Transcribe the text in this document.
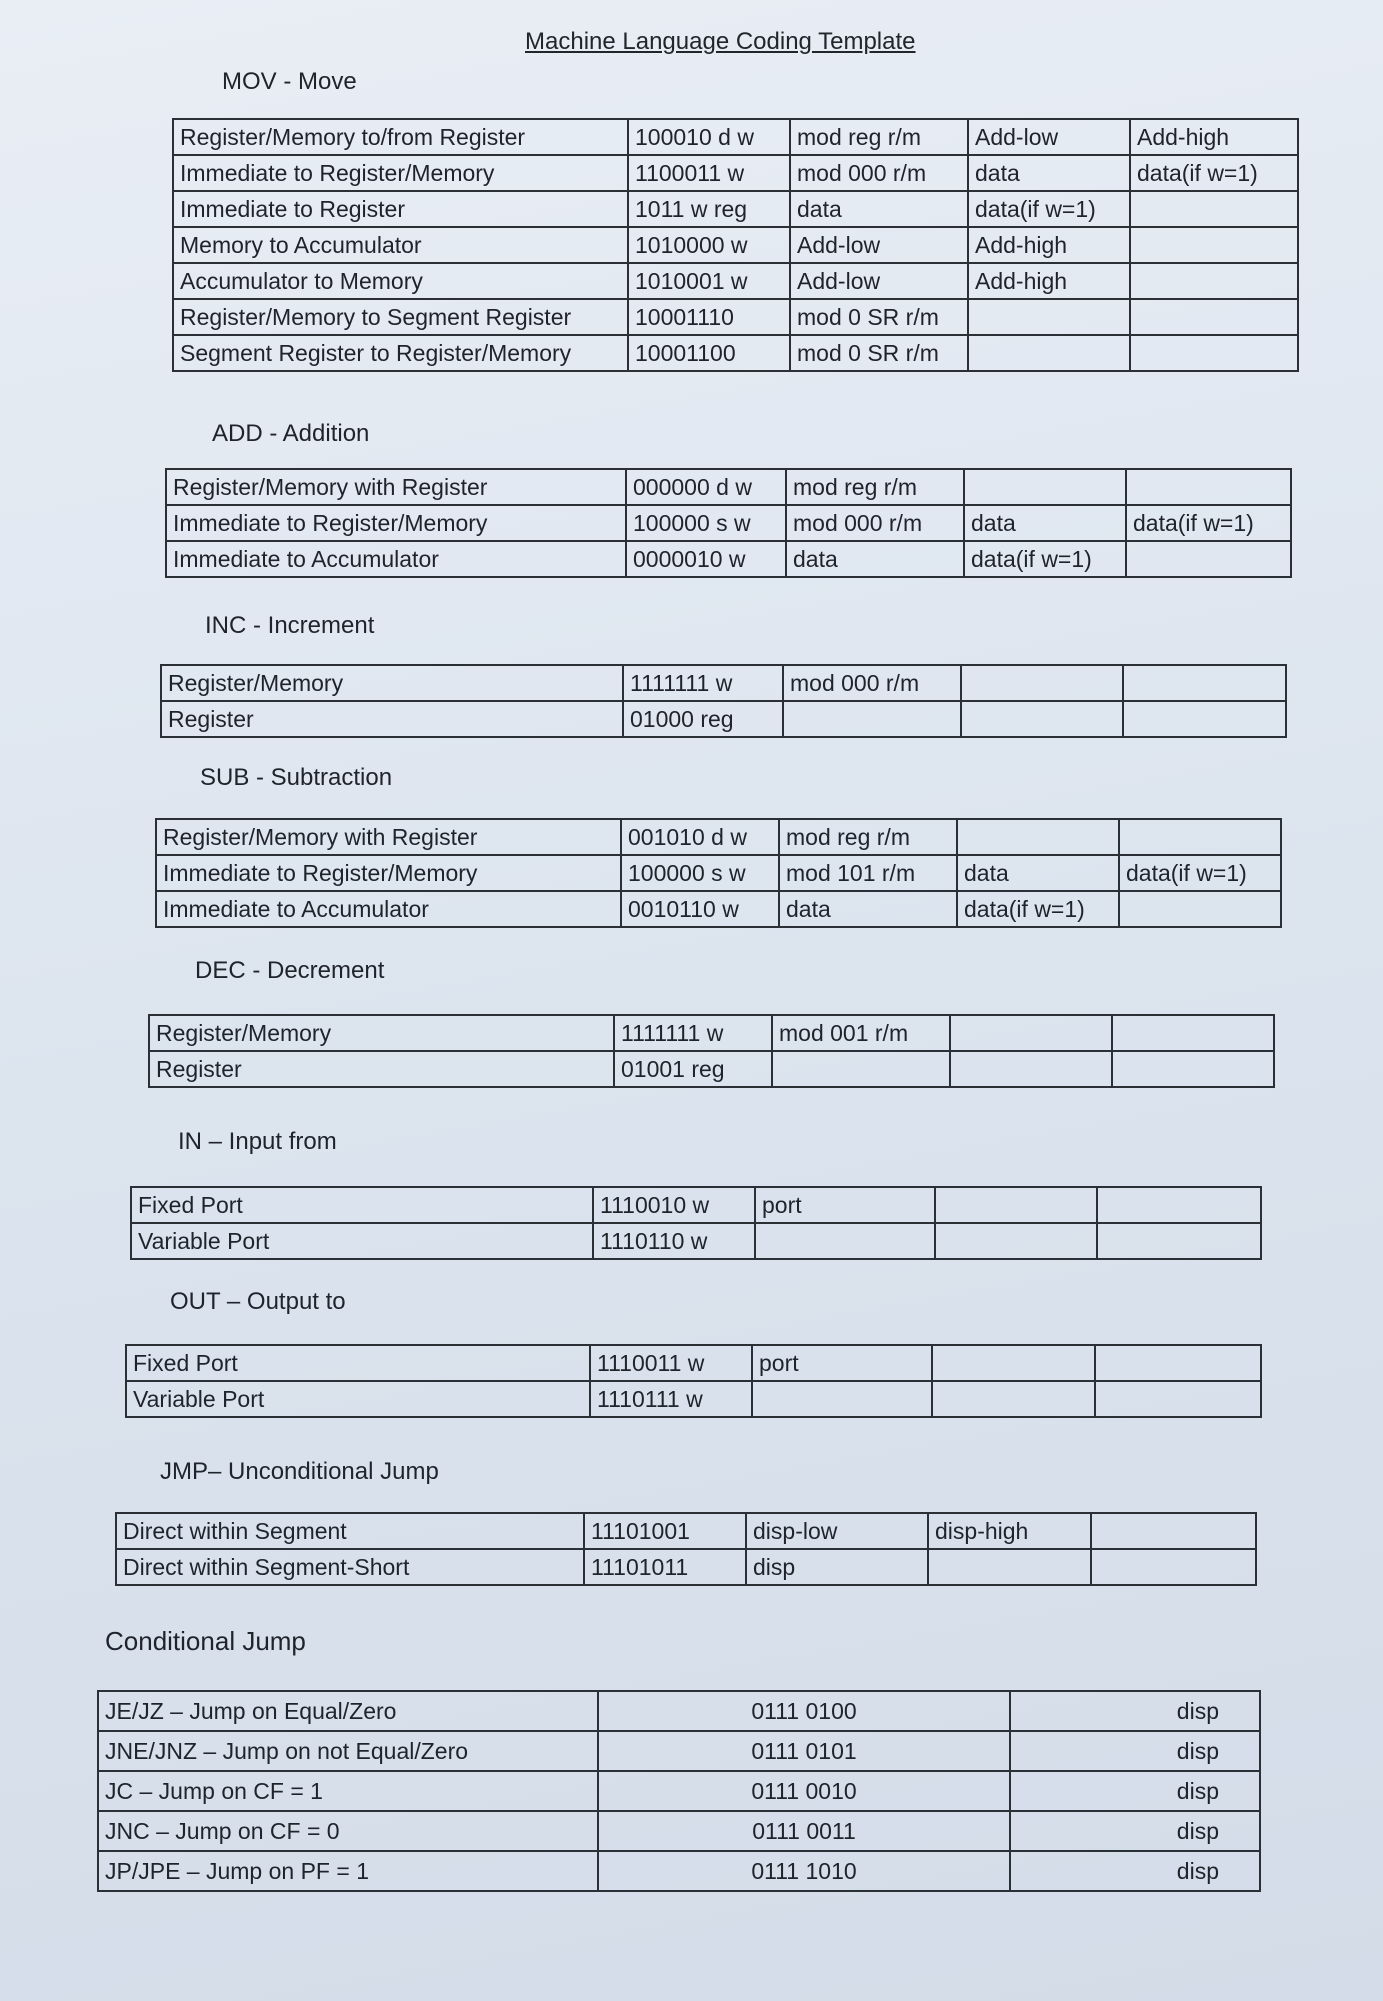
Machine Language Coding Template
MOV - Move
Register/Memory to/from Register	100010 d w	mod reg r/m	Add-low	Add-high
Immediate to Register/Memory	1100011 w	mod 000 r/m	data	data(if w=1)
Immediate to Register	1011 w reg	data	data(if w=1)	
Memory to Accumulator	1010000 w	Add-low	Add-high	
Accumulator to Memory	1010001 w	Add-low	Add-high	
Register/Memory to Segment Register	10001110	mod 0 SR r/m		
Segment Register to Register/Memory	10001100	mod 0 SR r/m		
ADD - Addition
Register/Memory with Register	000000 d w	mod reg r/m		
Immediate to Register/Memory	100000 s w	mod 000 r/m	data	data(if w=1)
Immediate to Accumulator	0000010 w	data	data(if w=1)	
INC - Increment
Register/Memory	1111111 w	mod 000 r/m		
Register	01000 reg			
SUB - Subtraction
Register/Memory with Register	001010 d w	mod reg r/m		
Immediate to Register/Memory	100000 s w	mod 101 r/m	data	data(if w=1)
Immediate to Accumulator	0010110 w	data	data(if w=1)	
DEC - Decrement
Register/Memory	1111111 w	mod 001 r/m		
Register	01001 reg			
IN – Input from
Fixed Port	1110010 w	port		
Variable Port	1110110 w			
OUT – Output to
Fixed Port	1110011 w	port		
Variable Port	1110111 w			
JMP– Unconditional Jump
Direct within Segment	11101001	disp-low	disp-high	
Direct within Segment-Short	11101011	disp		
Conditional Jump
JE/JZ – Jump on Equal/Zero	0111 0100	disp
JNE/JNZ – Jump on not Equal/Zero	0111 0101	disp
JC – Jump on CF = 1	0111 0010	disp
JNC – Jump on CF = 0	0111 0011	disp
JP/JPE – Jump on PF = 1	0111 1010	disp
